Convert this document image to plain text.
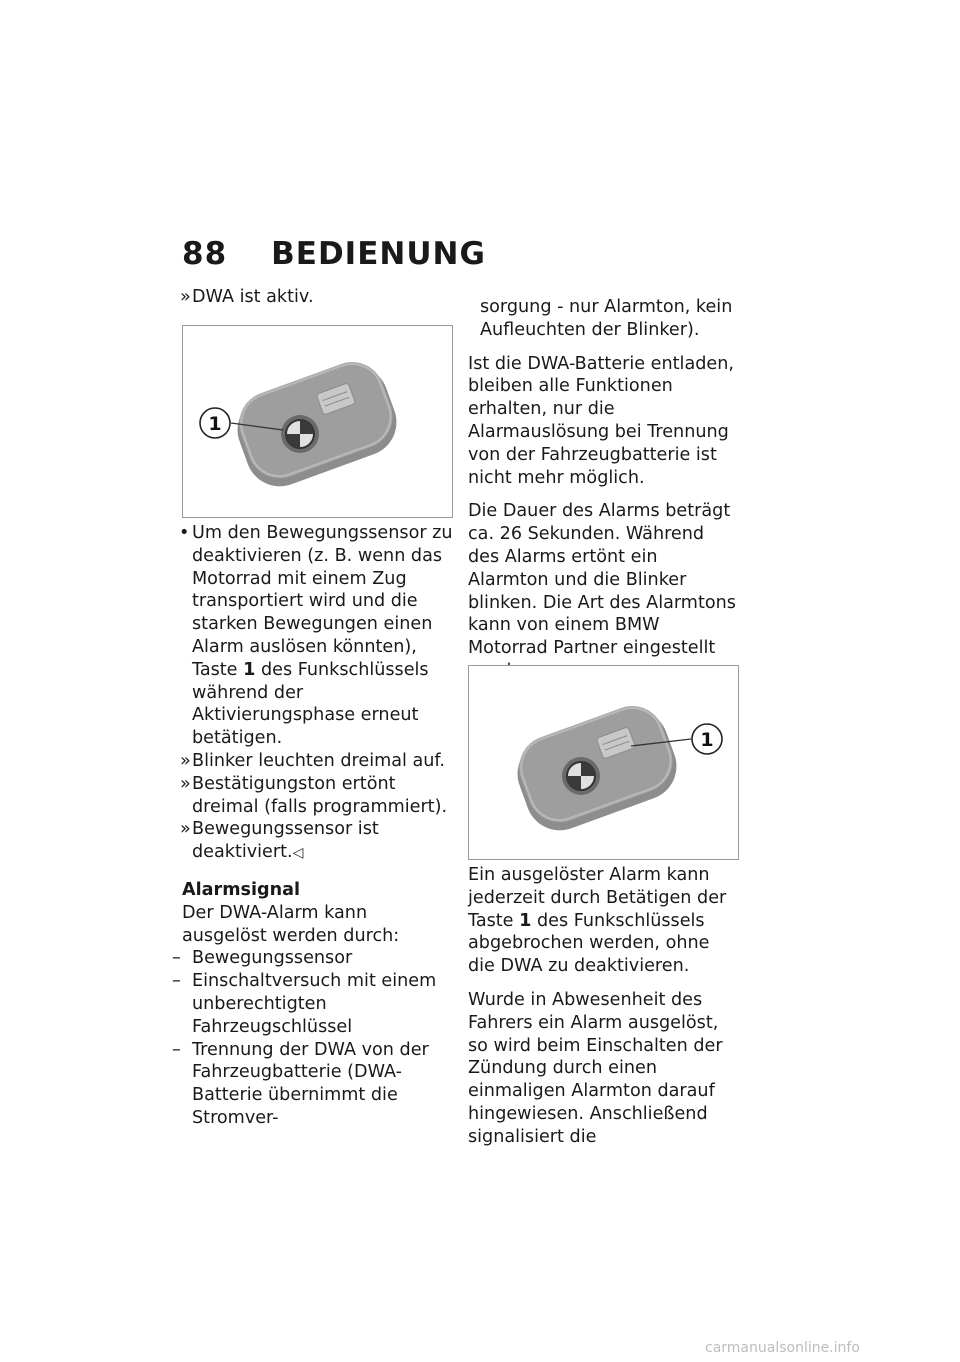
88 BEDIENUNG

» DWA ist aktiv.

1

• Um den Bewegungssensor zu deaktivieren (z. B. wenn das Motorrad mit einem Zug transportiert wird und die starken Bewegungen einen Alarm auslösen könnten), Taste 1 des Funkschlüssels während der Aktivierungsphase erneut betätigen.

» Blinker leuchten dreimal auf.

» Bestätigungston ertönt dreimal (falls programmiert).

» Bewegungssensor ist deaktiviert.◁

Alarmsignal

Der DWA-Alarm kann ausgelöst werden durch:

– Bewegungssensor

– Einschaltversuch mit einem unberechtigten Fahrzeugschlüssel

– Trennung der DWA von der Fahrzeugbatterie (DWA-Batterie übernimmt die Stromver-

sorgung - nur Alarmton, kein Aufleuchten der Blinker).

Ist die DWA-Batterie entladen, bleiben alle Funktionen erhalten, nur die Alarmauslösung bei Trennung von der Fahrzeugbatterie ist nicht mehr möglich.

Die Dauer des Alarms beträgt ca. 26 Sekunden. Während des Alarms ertönt ein Alarmton und die Blinker blinken. Die Art des Alarmtons kann von einem BMW Motorrad Partner eingestellt

1

Ein ausgelöster Alarm kann jederzeit durch Betätigen der Taste 1 des Funkschlüssels abgebrochen werden, ohne die DWA zu deaktivieren.

Wurde in Abwesenheit des Fahrers ein Alarm ausgelöst, so wird beim Einschalten der Zündung durch einen einmaligen Alarmton darauf hingewiesen. Anschließend signalisiert die

carmanualsonline.info
